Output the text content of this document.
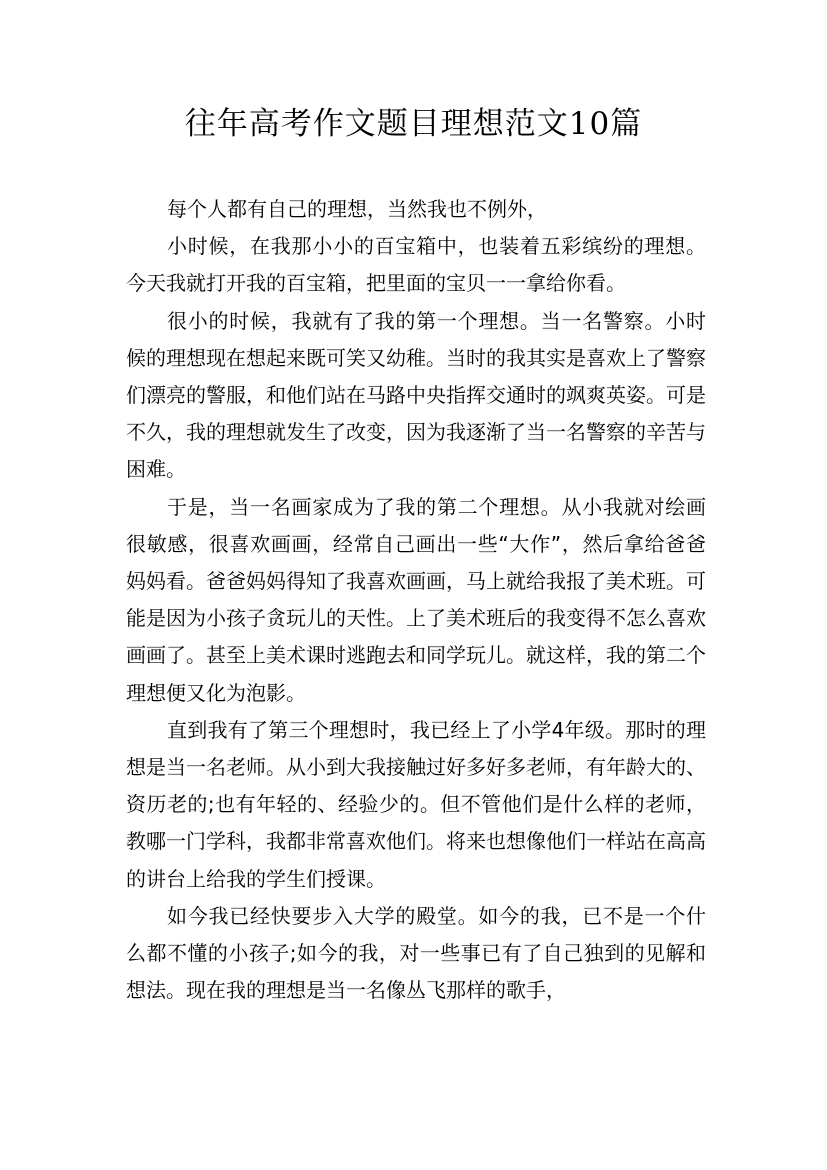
往年高考作文题目理想范文10篇

每个人都有自己的理想，当然我也不例外，

小时候，在我那小小的百宝箱中，也装着五彩缤纷的理想。今天我就打开我的百宝箱，把里面的宝贝一一拿给你看。

很小的时候，我就有了我的第一个理想。当一名警察。小时候的理想现在想起来既可笑又幼稚。当时的我其实是喜欢上了警察们漂亮的警服，和他们站在马路中央指挥交通时的飒爽英姿。可是不久，我的理想就发生了改变，因为我逐渐了当一名警察的辛苦与困难。

于是，当一名画家成为了我的第二个理想。从小我就对绘画很敏感，很喜欢画画，经常自己画出一些“大作”，然后拿给爸爸妈妈看。爸爸妈妈得知了我喜欢画画，马上就给我报了美术班。可能是因为小孩子贪玩儿的天性。上了美术班后的我变得不怎么喜欢画画了。甚至上美术课时逃跑去和同学玩儿。就这样，我的第二个理想便又化为泡影。

直到我有了第三个理想时，我已经上了小学4年级。那时的理想是当一名老师。从小到大我接触过好多好多老师，有年龄大的、资历老的;也有年轻的、经验少的。但不管他们是什么样的老师，教哪一门学科，我都非常喜欢他们。将来也想像他们一样站在高高的讲台上给我的学生们授课。

如今我已经快要步入大学的殿堂。如今的我，已不是一个什么都不懂的小孩子;如今的我，对一些事已有了自己独到的见解和想法。现在我的理想是当一名像丛飞那样的歌手，
